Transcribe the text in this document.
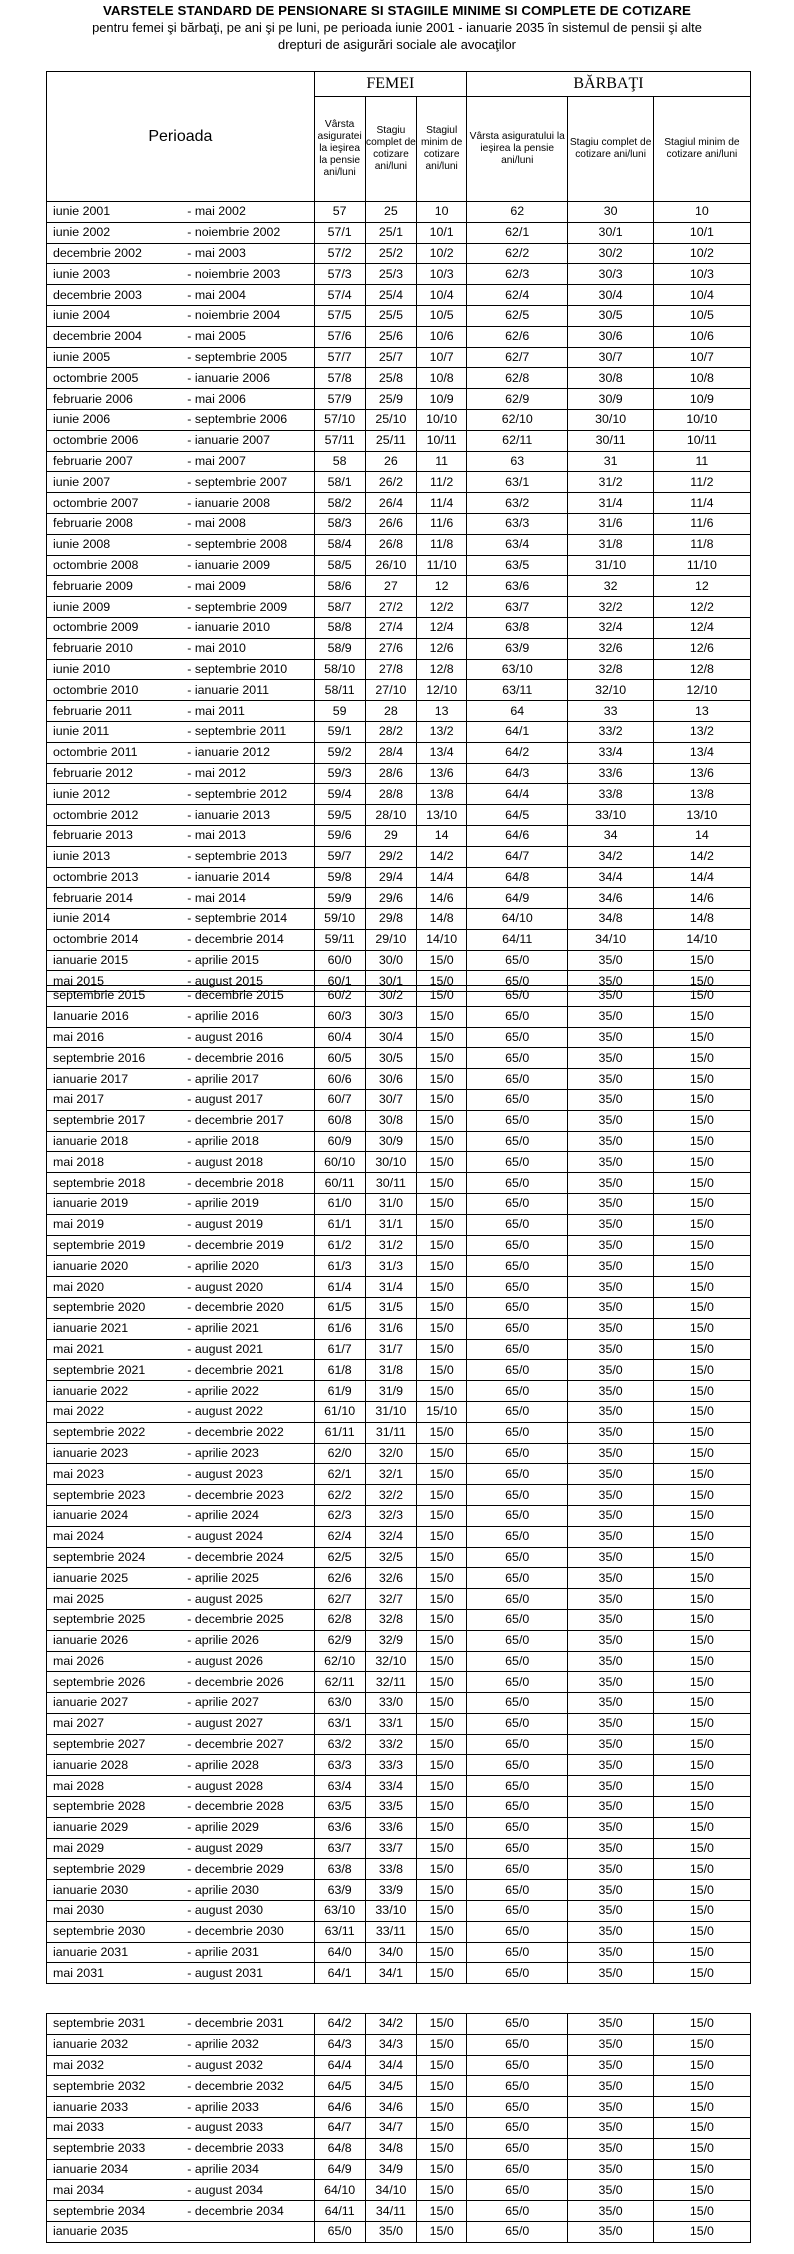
VARSTELE STANDARD DE PENSIONARE SI STAGIILE MINIME SI COMPLETE DE COTIZARE
pentru femei şi bărbaţi, pe ani şi pe luni, pe perioada iunie 2001 - ianuarie 2035 în sistemul de pensii şi alte
drepturi de asigurări sociale ale avocaţilor
Perioada		FEMEI			BĂRBAŢI		
		Vârsta asiguratei la ieşirea la pensie ani/luni	Stagiu complet de cotizare ani/luni	Stagiul minim de cotizare ani/luni	Vârsta asiguratului la ieşirea la pensie ani/luni	Stagiu complet de cotizare ani/luni	Stagiul minim de cotizare ani/luni
iunie 2001	- mai 2002	57	25	10	62	30	10
iunie 2002	- noiembrie 2002	57/1	25/1	10/1	62/1	30/1	10/1
decembrie 2002	- mai 2003	57/2	25/2	10/2	62/2	30/2	10/2
iunie 2003	- noiembrie 2003	57/3	25/3	10/3	62/3	30/3	10/3
decembrie 2003	- mai 2004	57/4	25/4	10/4	62/4	30/4	10/4
iunie 2004	- noiembrie 2004	57/5	25/5	10/5	62/5	30/5	10/5
decembrie 2004	- mai 2005	57/6	25/6	10/6	62/6	30/6	10/6
iunie 2005	- septembrie 2005	57/7	25/7	10/7	62/7	30/7	10/7
octombrie 2005	- ianuarie 2006	57/8	25/8	10/8	62/8	30/8	10/8
februarie 2006	- mai 2006	57/9	25/9	10/9	62/9	30/9	10/9
iunie 2006	- septembrie 2006	57/10	25/10	10/10	62/10	30/10	10/10
octombrie 2006	- ianuarie 2007	57/11	25/11	10/11	62/11	30/11	10/11
februarie 2007	- mai 2007	58	26	11	63	31	11
iunie 2007	- septembrie 2007	58/1	26/2	11/2	63/1	31/2	11/2
octombrie 2007	- ianuarie 2008	58/2	26/4	11/4	63/2	31/4	11/4
februarie 2008	- mai 2008	58/3	26/6	11/6	63/3	31/6	11/6
iunie 2008	- septembrie 2008	58/4	26/8	11/8	63/4	31/8	11/8
octombrie 2008	- ianuarie 2009	58/5	26/10	11/10	63/5	31/10	11/10
februarie 2009	- mai 2009	58/6	27	12	63/6	32	12
iunie 2009	- septembrie 2009	58/7	27/2	12/2	63/7	32/2	12/2
octombrie 2009	- ianuarie 2010	58/8	27/4	12/4	63/8	32/4	12/4
februarie 2010	- mai 2010	58/9	27/6	12/6	63/9	32/6	12/6
iunie 2010	- septembrie 2010	58/10	27/8	12/8	63/10	32/8	12/8
octombrie 2010	- ianuarie 2011	58/11	27/10	12/10	63/11	32/10	12/10
februarie 2011	- mai 2011	59	28	13	64	33	13
iunie 2011	- septembrie 2011	59/1	28/2	13/2	64/1	33/2	13/2
octombrie 2011	- ianuarie 2012	59/2	28/4	13/4	64/2	33/4	13/4
februarie 2012	- mai 2012	59/3	28/6	13/6	64/3	33/6	13/6
iunie 2012	- septembrie 2012	59/4	28/8	13/8	64/4	33/8	13/8
octombrie 2012	- ianuarie 2013	59/5	28/10	13/10	64/5	33/10	13/10
februarie 2013	- mai 2013	59/6	29	14	64/6	34	14
iunie 2013	- septembrie 2013	59/7	29/2	14/2	64/7	34/2	14/2
octombrie 2013	- ianuarie 2014	59/8	29/4	14/4	64/8	34/4	14/4
februarie 2014	- mai 2014	59/9	29/6	14/6	64/9	34/6	14/6
iunie 2014	- septembrie 2014	59/10	29/8	14/8	64/10	34/8	14/8
octombrie 2014	- decembrie 2014	59/11	29/10	14/10	64/11	34/10	14/10
ianuarie 2015	- aprilie 2015	60/0	30/0	15/0	65/0	35/0	15/0
mai 2015	- august 2015	60/1	30/1	15/0	65/0	35/0	15/0
septembrie 2015	- decembrie 2015	60/2	30/2	15/0	65/0	35/0	15/0
Ianuarie 2016	- aprilie 2016	60/3	30/3	15/0	65/0	35/0	15/0
mai 2016	- august 2016	60/4	30/4	15/0	65/0	35/0	15/0
septembrie 2016	- decembrie 2016	60/5	30/5	15/0	65/0	35/0	15/0
ianuarie 2017	- aprilie 2017	60/6	30/6	15/0	65/0	35/0	15/0
mai 2017	- august 2017	60/7	30/7	15/0	65/0	35/0	15/0
septembrie 2017	- decembrie 2017	60/8	30/8	15/0	65/0	35/0	15/0
ianuarie 2018	- aprilie 2018	60/9	30/9	15/0	65/0	35/0	15/0
mai 2018	- august 2018	60/10	30/10	15/0	65/0	35/0	15/0
septembrie 2018	- decembrie 2018	60/11	30/11	15/0	65/0	35/0	15/0
ianuarie 2019	- aprilie 2019	61/0	31/0	15/0	65/0	35/0	15/0
mai 2019	- august 2019	61/1	31/1	15/0	65/0	35/0	15/0
septembrie 2019	- decembrie 2019	61/2	31/2	15/0	65/0	35/0	15/0
ianuarie 2020	- aprilie 2020	61/3	31/3	15/0	65/0	35/0	15/0
mai 2020	- august 2020	61/4	31/4	15/0	65/0	35/0	15/0
septembrie 2020	- decembrie 2020	61/5	31/5	15/0	65/0	35/0	15/0
ianuarie 2021	- aprilie 2021	61/6	31/6	15/0	65/0	35/0	15/0
mai 2021	- august 2021	61/7	31/7	15/0	65/0	35/0	15/0
septembrie 2021	- decembrie 2021	61/8	31/8	15/0	65/0	35/0	15/0
ianuarie 2022	- aprilie 2022	61/9	31/9	15/0	65/0	35/0	15/0
mai 2022	- august 2022	61/10	31/10	15/10	65/0	35/0	15/0
septembrie 2022	- decembrie 2022	61/11	31/11	15/0	65/0	35/0	15/0
ianuarie 2023	- aprilie 2023	62/0	32/0	15/0	65/0	35/0	15/0
mai 2023	- august 2023	62/1	32/1	15/0	65/0	35/0	15/0
septembrie 2023	- decembrie 2023	62/2	32/2	15/0	65/0	35/0	15/0
ianuarie 2024	- aprilie 2024	62/3	32/3	15/0	65/0	35/0	15/0
mai 2024	- august 2024	62/4	32/4	15/0	65/0	35/0	15/0
septembrie 2024	- decembrie 2024	62/5	32/5	15/0	65/0	35/0	15/0
ianuarie 2025	- aprilie 2025	62/6	32/6	15/0	65/0	35/0	15/0
mai 2025	- august 2025	62/7	32/7	15/0	65/0	35/0	15/0
septembrie 2025	- decembrie 2025	62/8	32/8	15/0	65/0	35/0	15/0
ianuarie 2026	- aprilie 2026	62/9	32/9	15/0	65/0	35/0	15/0
mai 2026	- august 2026	62/10	32/10	15/0	65/0	35/0	15/0
septembrie 2026	- decembrie 2026	62/11	32/11	15/0	65/0	35/0	15/0
ianuarie 2027	- aprilie 2027	63/0	33/0	15/0	65/0	35/0	15/0
mai 2027	- august 2027	63/1	33/1	15/0	65/0	35/0	15/0
septembrie 2027	- decembrie 2027	63/2	33/2	15/0	65/0	35/0	15/0
ianuarie 2028	- aprilie 2028	63/3	33/3	15/0	65/0	35/0	15/0
mai 2028	- august 2028	63/4	33/4	15/0	65/0	35/0	15/0
septembrie 2028	- decembrie 2028	63/5	33/5	15/0	65/0	35/0	15/0
ianuarie 2029	- aprilie 2029	63/6	33/6	15/0	65/0	35/0	15/0
mai 2029	- august 2029	63/7	33/7	15/0	65/0	35/0	15/0
septembrie 2029	- decembrie 2029	63/8	33/8	15/0	65/0	35/0	15/0
ianuarie 2030	- aprilie 2030	63/9	33/9	15/0	65/0	35/0	15/0
mai 2030	- august 2030	63/10	33/10	15/0	65/0	35/0	15/0
septembrie 2030	- decembrie 2030	63/11	33/11	15/0	65/0	35/0	15/0
ianuarie 2031	- aprilie 2031	64/0	34/0	15/0	65/0	35/0	15/0
mai 2031	- august 2031	64/1	34/1	15/0	65/0	35/0	15/0
septembrie 2031	- decembrie 2031	64/2	34/2	15/0	65/0	35/0	15/0
ianuarie 2032	- aprilie 2032	64/3	34/3	15/0	65/0	35/0	15/0
mai 2032	- august 2032	64/4	34/4	15/0	65/0	35/0	15/0
septembrie 2032	- decembrie 2032	64/5	34/5	15/0	65/0	35/0	15/0
ianuarie 2033	- aprilie 2033	64/6	34/6	15/0	65/0	35/0	15/0
mai 2033	- august 2033	64/7	34/7	15/0	65/0	35/0	15/0
septembrie 2033	- decembrie 2033	64/8	34/8	15/0	65/0	35/0	15/0
ianuarie 2034	- aprilie 2034	64/9	34/9	15/0	65/0	35/0	15/0
mai 2034	- august 2034	64/10	34/10	15/0	65/0	35/0	15/0
septembrie 2034	- decembrie 2034	64/11	34/11	15/0	65/0	35/0	15/0
ianuarie 2035		65/0	35/0	15/0	65/0	35/0	15/0
